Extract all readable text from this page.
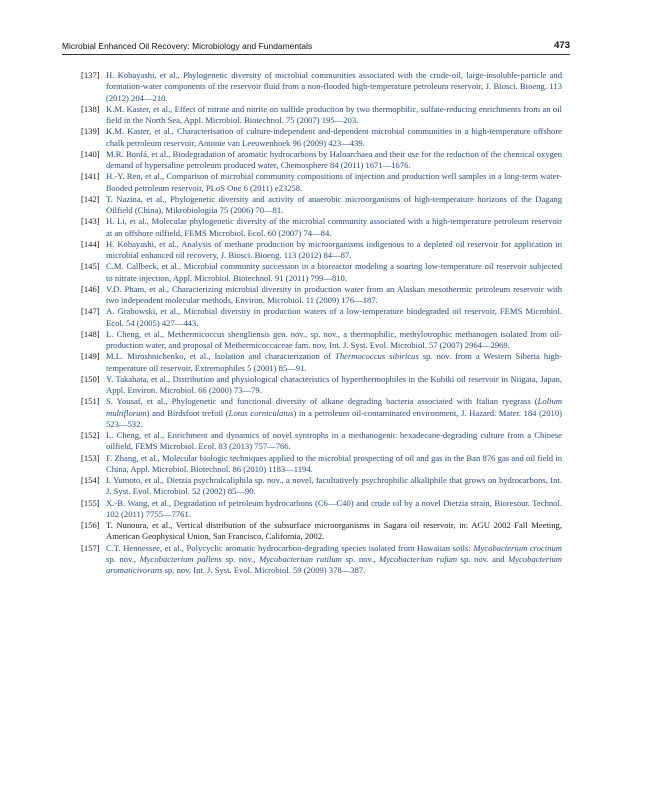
Microbial Enhanced Oil Recovery: Microbiology and Fundamentals	473
[137] H. Kobayashi, et al., Phylogenetic diversity of microbial communities associated with the crude-oil, large-insoluble-particle and formation-water components of the reservoir fluid from a non-flooded high-temperature petroleum reservoir, J. Biosci. Bioeng. 113 (2012) 204—210.
[138] K.M. Kaster, et al., Effect of nitrate and nitrite on sulfide production by two thermophilic, sulfate-reducing enrichments from an oil field in the North Sea, Appl. Microbiol. Biotechnol. 75 (2007) 195—203.
[139] K.M. Kaster, et al., Characterisation of culture-independent and-dependent microbial communities in a high-temperature offshore chalk petroleum reservoir, Antonie van Leeuwenhoek 96 (2009) 423—439.
[140] M.R. Bonfá, et al., Biodegradation of aromatic hydrocarbons by Haloarchaea and their use for the reduction of the chemical oxygen demand of hypersaline petroleum produced water, Chemosphere 84 (2011) 1671—1676.
[141] H.-Y. Ren, et al., Comparison of microbial community compositions of injection and production well samples in a long-term water-flooded petroleum reservoir, PLoS One 6 (2011) e23258.
[142] T. Nazina, et al., Phylogenetic diversity and activity of anaerobic microorganisms of high-temperature horizons of the Dagang Oilfield (China), Mikrobiologiia 75 (2006) 70—81.
[143] H. Li, et al., Molecular phylogenetic diversity of the microbial community associated with a high-temperature petroleum reservoir at an offshore oilfield, FEMS Microbiol. Ecol. 60 (2007) 74—84.
[144] H. Kobayashi, et al., Analysis of methane production by microorganisms indigenous to a depleted oil reservoir for application in microbial enhanced oil recovery, J. Biosci. Bioeng. 113 (2012) 84—87.
[145] C.M. Callbeck, et al., Microbial community succession in a bioreactor modeling a souring low-temperature oil reservoir subjected to nitrate injection, Appl. Microbiol. Biotechnol. 91 (2011) 799—810.
[146] V.D. Pham, et al., Characterizing microbial diversity in production water from an Alaskan mesothermic petroleum reservoir with two independent molecular methods, Environ. Microbiol. 11 (2009) 176—187.
[147] A. Grabowski, et al., Microbial diversity in production waters of a low-temperature biodegraded oil reservoir, FEMS Microbiol. Ecol. 54 (2005) 427—443.
[148] L. Cheng, et al., Methermicoccus shengliensis gen. nov., sp. nov., a thermophilic, methylotrophic methanogen isolated from oil-production water, and proposal of Methermicoccaceae fam. nov, Int. J. Syst. Evol. Microbiol. 57 (2007) 2964—2969.
[149] M.L. Miroshnichenko, et al., Isolation and characterization of Thermococcus sibiricus sp. nov. from a Western Siberia high-temperature oil reservoir, Extremophiles 5 (2001) 85—91.
[150] Y. Takahata, et al., Distribution and physiological characteristics of hyperthermophiles in the Kubiki oil reservoir in Niigata, Japan, Appl. Environ. Microbiol. 66 (2000) 73—79.
[151] S. Yousaf, et al., Phylogenetic and functional diversity of alkane degrading bacteria associated with Italian ryegrass (Lolium multiflorum) and Birdsfoot trefoil (Lotus corniculatus) in a petroleum oil-contaminated environment, J. Hazard. Mater. 184 (2010) 523—532.
[152] L. Cheng, et al., Enrichment and dynamics of novel syntrophs in a methanogenic hexadecane-degrading culture from a Chinese oilfield, FEMS Microbiol. Ecol. 83 (2013) 757—766.
[153] F. Zhang, et al., Molecular biologic techniques applied to the microbial prospecting of oil and gas in the Ban 876 gas and oil field in China, Appl. Microbiol. Biotechnol. 86 (2010) 1183—1194.
[154] I. Yumoto, et al., Dietzia psychralcaliphila sp. nov., a novel, facultatively psychrophilic alkaliphile that grows on hydrocarbons, Int. J. Syst. Evol. Microbiol. 52 (2002) 85—90.
[155] X.-B. Wang, et al., Degradation of petroleum hydrocarbons (C6—C40) and crude oil by a novel Dietzia strain, Bioresour. Technol. 102 (2011) 7755—7761.
[156] T. Nunoura, et al., Vertical distribution of the subsurface microorganisms in Sagara oil reservoir, in: AGU 2002 Fall Meeting, American Geophysical Union, San Francisco, California, 2002.
[157] C.T. Hennessee, et al., Polycyclic aromatic hydrocarbon-degrading species isolated from Hawaiian soils: Mycobacterium crocinum sp. nov., Mycobacterium pallens sp. nov., Mycobacterium rutilum sp. nov., Mycobacterium rufum sp. nov. and Mycobacterium aromaticivorans sp. nov, Int. J. Syst. Evol. Microbiol. 59 (2009) 378—387.
